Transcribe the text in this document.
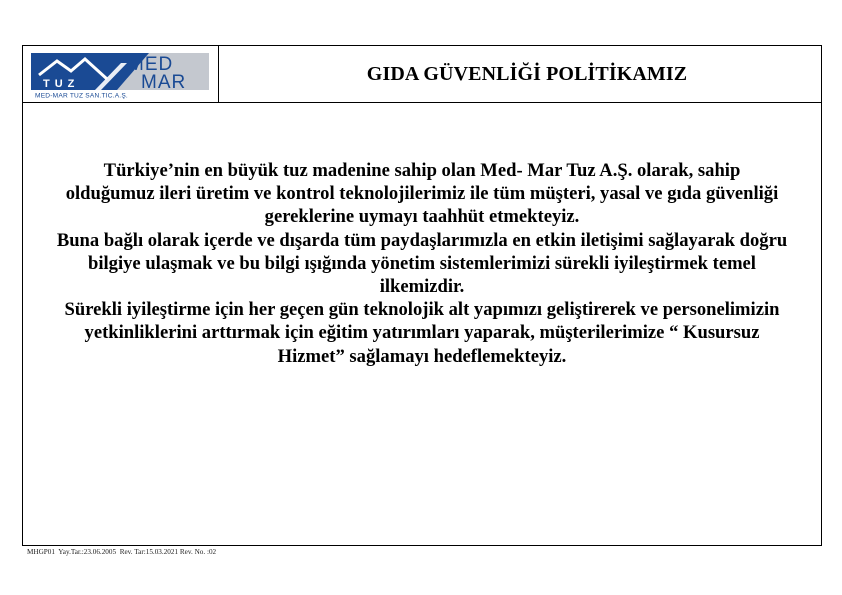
TUZ
MED
MAR
MED-MAR TUZ SAN.TIC.A.Ş.
GIDA GÜVENLİĞİ POLİTİKAMIZ
Türkiye’nin en büyük tuz madenine sahip olan Med- Mar Tuz A.Ş. olarak, sahip
olduğumuz ileri üretim ve kontrol teknolojilerimiz ile tüm müşteri, yasal ve gıda güvenliği
gereklerine uymayı taahhüt etmekteyiz.
Buna bağlı olarak içerde ve dışarda tüm paydaşlarımızla en etkin iletişimi sağlayarak doğru
bilgiye ulaşmak ve bu bilgi ışığında yönetim sistemlerimizi sürekli iyileştirmek temel
ilkemizdir.
Sürekli iyileştirme için her geçen gün teknolojik alt yapımızı geliştirerek ve personelimizin
yetkinliklerini arttırmak için eğitim yatırımları yaparak, müşterilerimize “ Kusursuz
Hizmet” sağlamayı hedeflemekteyiz.
MHGP01 Yay.Tar.:23.06.2005 Rev. Tar:15.03.2021 Rev. No. :02
